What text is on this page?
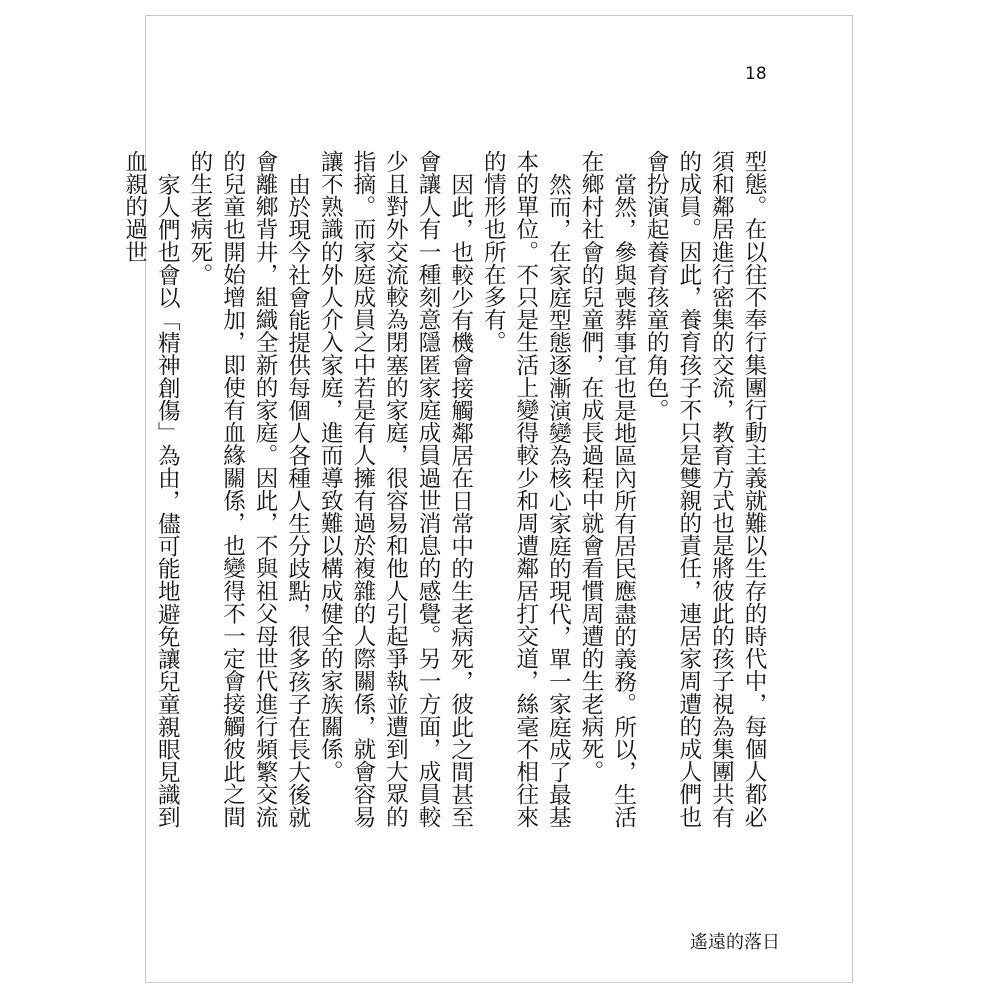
18

型態。在以往不奉行集團行動主義就難以生存的時代中，每個人都必須和鄰居進行密集的交流，教育方式也是將彼此的孩子視為集團共有的成員。因此，養育孩子不只是雙親的責任，連居家周遭的成人們也會扮演起養育孩童的角色。

當然，參與喪葬事宜也是地區內所有居民應盡的義務。所以，生活在鄉村社會的兒童們，在成長過程中就會看慣周遭的生老病死。

然而，在家庭型態逐漸演變為核心家庭的現代，單一家庭成了最基本的單位。不只是生活上變得較少和周遭鄰居打交道，絲毫不相往來的情形也所在多有。

因此，也較少有機會接觸鄰居在日常中的生老病死，彼此之間甚至會讓人有一種刻意隱匿家庭成員過世消息的感覺。另一方面，成員較少且對外交流較為閉塞的家庭，很容易和他人引起爭執並遭到大眾的指摘。而家庭成員之中若是有人擁有過於複雜的人際關係，就會容易讓不熟識的外人介入家庭，進而導致難以構成健全的家族關係。

由於現今社會能提供每個人各種人生分歧點，很多孩子在長大後就會離鄉背井，組織全新的家庭。因此，不與祖父母世代進行頻繁交流的兒童也開始增加，即使有血緣關係，也變得不一定會接觸彼此之間的生老病死。

家人們也會以「精神創傷」為由，儘可能地避免讓兒童親眼見識到血親的過世

遙遠的落日
